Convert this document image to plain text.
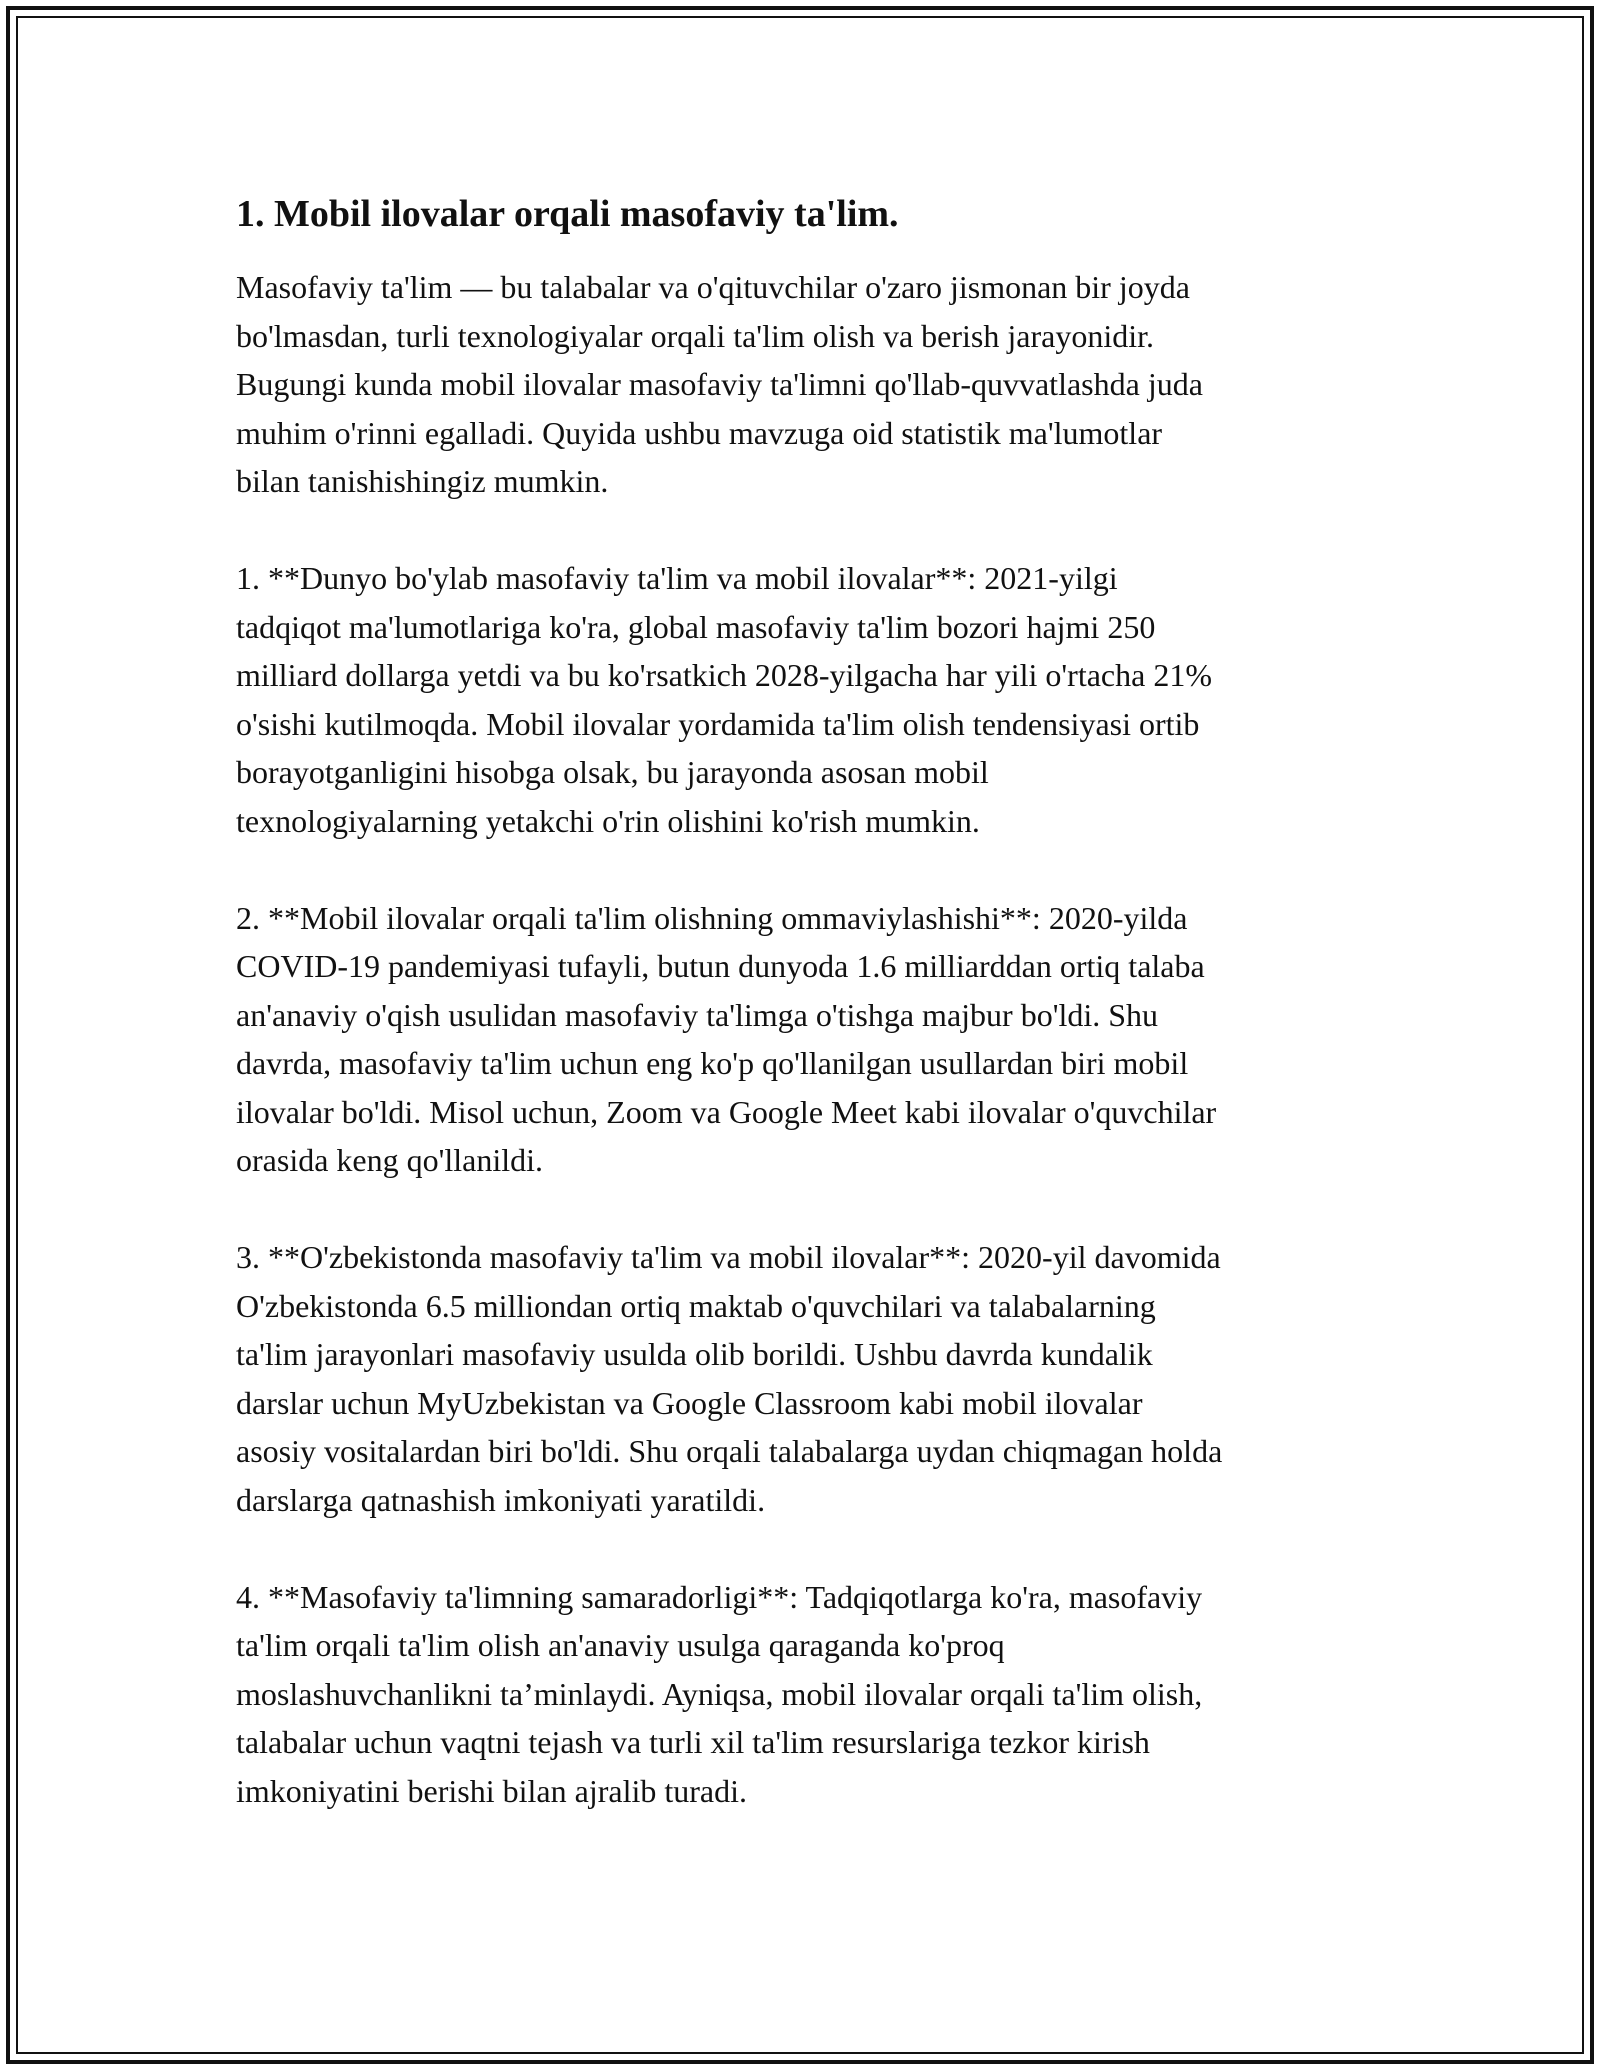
1. Mobil ilovalar orqali masofaviy ta'lim.

Masofaviy ta'lim — bu talabalar va o'qituvchilar o'zaro jismonan bir joyda
bo'lmasdan, turli texnologiyalar orqali ta'lim olish va berish jarayonidir.
Bugungi kunda mobil ilovalar masofaviy ta'limni qo'llab-quvvatlashda juda
muhim o'rinni egalladi. Quyida ushbu mavzuga oid statistik ma'lumotlar
bilan tanishishingiz mumkin.

1. **Dunyo bo'ylab masofaviy ta'lim va mobil ilovalar**: 2021-yilgi
tadqiqot ma'lumotlariga ko'ra, global masofaviy ta'lim bozori hajmi 250
milliard dollarga yetdi va bu ko'rsatkich 2028-yilgacha har yili o'rtacha 21%
o'sishi kutilmoqda. Mobil ilovalar yordamida ta'lim olish tendensiyasi ortib
borayotganligini hisobga olsak, bu jarayonda asosan mobil
texnologiyalarning yetakchi o'rin olishini ko'rish mumkin.

2. **Mobil ilovalar orqali ta'lim olishning ommaviylashishi**: 2020-yilda
COVID-19 pandemiyasi tufayli, butun dunyoda 1.6 milliarddan ortiq talaba
an'anaviy o'qish usulidan masofaviy ta'limga o'tishga majbur bo'ldi. Shu
davrda, masofaviy ta'lim uchun eng ko'p qo'llanilgan usullardan biri mobil
ilovalar bo'ldi. Misol uchun, Zoom va Google Meet kabi ilovalar o'quvchilar
orasida keng qo'llanildi.

3. **O'zbekistonda masofaviy ta'lim va mobil ilovalar**: 2020-yil davomida
O'zbekistonda 6.5 milliondan ortiq maktab o'quvchilari va talabalarning
ta'lim jarayonlari masofaviy usulda olib borildi. Ushbu davrda kundalik
darslar uchun MyUzbekistan va Google Classroom kabi mobil ilovalar
asosiy vositalardan biri bo'ldi. Shu orqali talabalarga uydan chiqmagan holda
darslarga qatnashish imkoniyati yaratildi.

4. **Masofaviy ta'limning samaradorligi**: Tadqiqotlarga ko'ra, masofaviy
ta'lim orqali ta'lim olish an'anaviy usulga qaraganda ko'proq
moslashuvchanlikni ta’minlaydi. Ayniqsa, mobil ilovalar orqali ta'lim olish,
talabalar uchun vaqtni tejash va turli xil ta'lim resurslariga tezkor kirish
imkoniyatini berishi bilan ajralib turadi.
